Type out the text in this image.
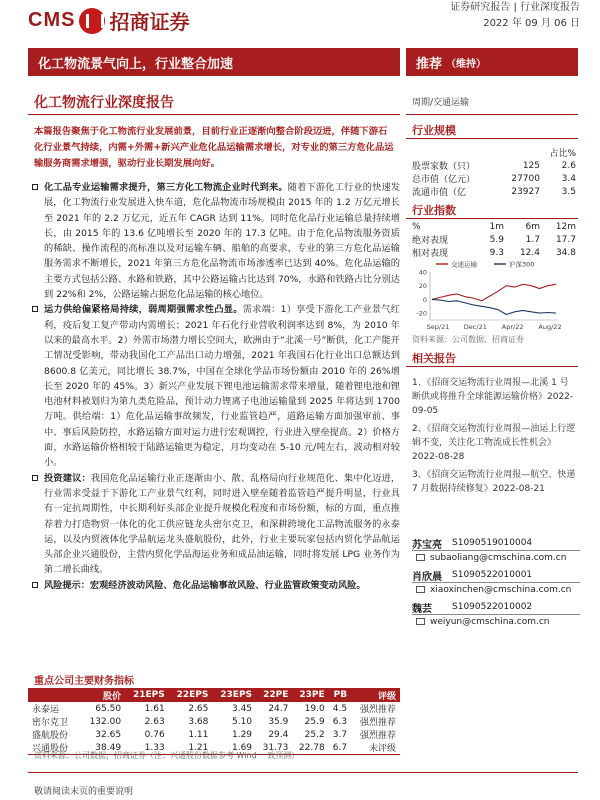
CMS 招商证券
证券研究报告 | 行业深度报告
2022 年 09 月 06 日
化工物流景气向上，行业整合加速	推荐 （维持）
化工物流行业深度报告	周期/交通运输
本篇报告聚焦于化工物流行业发展前景，目前行业正逐渐向整合阶段迈进，伴随下游石化行业景气持续，内需+外需+新兴产业危化品运输需求增长，对专业的第三方危化品运输服务商需求增强，驱动行业长期发展向好。
化工品专业运输需求提升，第三方化工物流企业时代到来。随着下游化工行业的快速发展，化工物流行业发展进入快车道，危化品物流市场规模由 2015 年的 1.2 万亿元增长至 2021 年的 2.2 万亿元，近五年 CAGR 达到 11%。同时危化品行业运输总量持续增长，由 2015 年的 13.6 亿吨增长至 2020 年的 17.3 亿吨。由于危化品物流服务资质的稀缺、操作流程的高标准以及对运输车辆、船舶的高要求，专业的第三方危化品运输服务需求不断增长，2021 年第三方危化品物流市场渗透率已达到 40%。危化品运输的主要方式包括公路、水路和铁路，其中公路运输占比达到 70%，水路和铁路占比分别达到 22%和 2%，公路运输占据危化品运输的核心地位。
运力供给偏紧格局持续，弱周期强需求性凸显。需求端：1）享受下游化工产业景气红利，疫后复工复产带动内需增长；2021 年石化行业营收利润率达到 8%，为 2010 年以来的最高水平。2）外需市场潜力增长空间大，欧洲由于“北溪一号”断供，化工产能开工情况受影响，带动我国化工产品出口动力增强，2021 年我国石化行业出口总额达到 8600.8 亿美元，同比增长 38.7%，中国在全球化学品市场份额由 2010 年的 26%增长至 2020 年的 45%。3）新兴产业发展下锂电池运输需求带来增量，随着锂电池和锂电池材料被划归为第九类危险品，预计动力锂离子电池运输量到 2025 年将达到 1700 万吨。供给端：1）危化品运输事故频发，行业监管趋严，道路运输方面加强审前、事中、事后风险防控，水路运输方面对运力进行宏观调控，行业进入壁垒提高。2）价格方面，水路运输价格相较于陆路运输更为稳定，月均变动在 5-10 元/吨左右，波动相对较小。
投资建议：我国危化品运输行业正逐渐由小、散、乱格局向行业规范化、集中化迈进，行业需求受益于下游化工产业景气红利，同时进入壁垒随着监管趋严提升明显，行业具有一定抗周期性，中长期利好头部企业提升规模化程度和市场份额，标的方面，重点推荐着力打造物贸一体化的化工供应链龙头密尔克卫，和深耕跨境化工品物流服务的永泰运，以及内贸液体化学品航运龙头盛航股份，此外，行业主要玩家包括内贸化学品航运头部企业兴通股份，主营内贸化学品海运业务和成品油运输，同时将发展 LPG 业务作为第二增长曲线。
风险提示：宏观经济波动风险、危化品运输事故风险、行业监管政策变动风险。
行业规模
占比%
股票家数（只）	125	2.6
总市值（亿元）	27700	3.4
流通市值（亿	23927	3.5
行业指数
%	1m	6m	12m
绝对表现	5.9	1.7	17.7
相对表现	9.3	12.4	34.8
40
20
0
-20
Sep/21 Dec/21 Apr/22 Aug/22
交通运输	沪深300
资料来源：公司数据、招商证券
相关报告
1、《招商交运物流行业周报—北溪 1 号断供或将推升全球能源运输价格》2022-09-05
2、《招商交运物流行业周报—油运上行逻辑不变，关注化工物流成长性机会》2022-08-28
3、《招商交运物流行业周报—航空、快递 7 月数据持续修复》2022-08-21
苏宝亮	S1090519010004
subaoliang@cmschina.com.cn
肖欣晨	S1090522010001
xiaoxinchen@cmschina.com.cn
魏芸	S1090522010002
weiyun@cmschina.com.cn
重点公司主要财务指标
	股价	21EPS	22EPS	23EPS	22PE	23PE	PB	评级
永泰运	65.50	1.61	2.65	3.45	24.7	19.0	4.5	强烈推荐
密尔克卫	132.00	2.63	3.68	5.10	35.9	25.9	6.3	强烈推荐
盛航股份	32.65	0.76	1.11	1.29	29.4	25.2	3.7	强烈推荐
兴通股份	38.49	1.33	1.21	1.69	31.73	22.78	6.7	未评级
资料来源：公司数据，招商证券（注：兴通股份数据参考 Wind 一致预测）
敬请阅读末页的重要说明
